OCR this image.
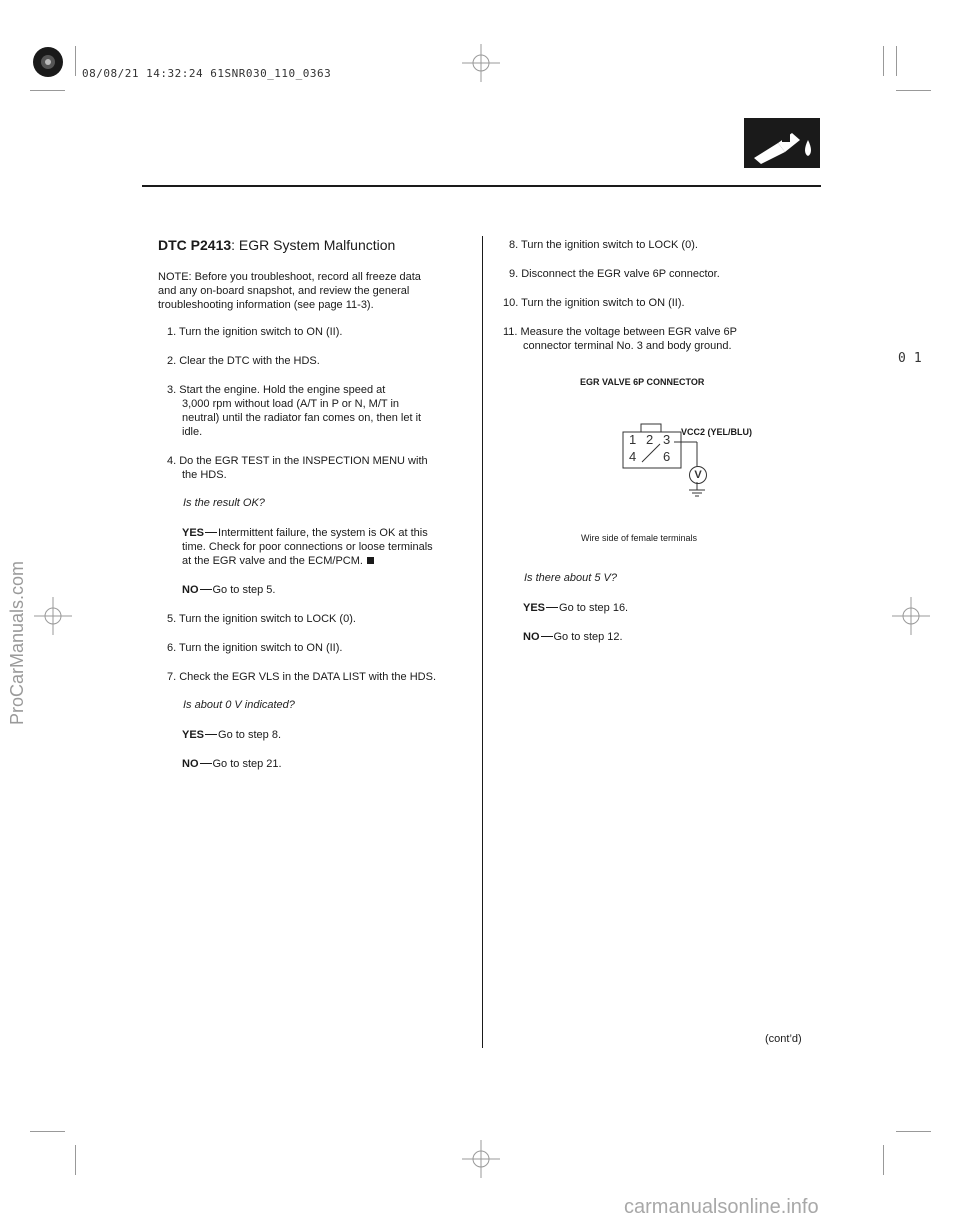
08/08/21 14:32:24 61SNR030_110_0363
01
ProCarManuals.com
carmanualsonline.info
DTC P2413: EGR System Malfunction
NOTE: Before you troubleshoot, record all freeze data
and any on-board snapshot, and review the general
troubleshooting information (see page 11-3).
1. Turn the ignition switch to ON (II).
2. Clear the DTC with the HDS.
3. Start the engine. Hold the engine speed at
3,000 rpm without load (A/T in P or N, M/T in
neutral) until the radiator fan comes on, then let it
idle.
4. Do the EGR TEST in the INSPECTION MENU with
the HDS.
Is the result OK?
YES Intermittent failure, the system is OK at this
time. Check for poor connections or loose terminals
at the EGR valve and the ECM/PCM.
NO Go to step 5.
5. Turn the ignition switch to LOCK (0).
6. Turn the ignition switch to ON (II).
7. Check the EGR VLS in the DATA LIST with the HDS.
Is about 0 V indicated?
YES Go to step 8.
NO Go to step 21.
8. Turn the ignition switch to LOCK (0).
9. Disconnect the EGR valve 6P connector.
10. Turn the ignition switch to ON (II).
11. Measure the voltage between EGR valve 6P
connector terminal No. 3 and body ground.
EGR VALVE 6P CONNECTOR
1 2 3
4 6
V
VCC2 (YEL/BLU)
Wire side of female terminals
Is there about 5 V?
YES Go to step 16.
NO Go to step 12.
(cont’d)
